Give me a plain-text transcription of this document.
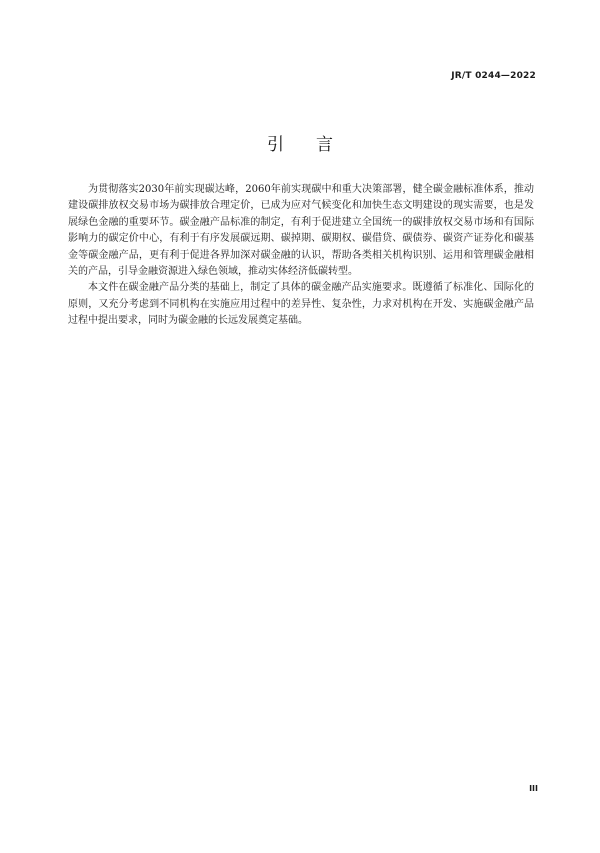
JR/T 0244—2022
引言

为贯彻落实2030年前实现碳达峰，2060年前实现碳中和重大决策部署，健全碳金融标准体系，推动建设碳排放权交易市场为碳排放合理定价，已成为应对气候变化和加快生态文明建设的现实需要，也是发展绿色金融的重要环节。碳金融产品标准的制定，有利于促进建立全国统一的碳排放权交易市场和有国际影响力的碳定价中心，有利于有序发展碳远期、碳掉期、碳期权、碳借贷、碳债券、碳资产证券化和碳基金等碳金融产品，更有利于促进各界加深对碳金融的认识，帮助各类相关机构识别、运用和管理碳金融相关的产品，引导金融资源进入绿色领域，推动实体经济低碳转型。

本文件在碳金融产品分类的基础上，制定了具体的碳金融产品实施要求。既遵循了标准化、国际化的原则，又充分考虑到不同机构在实施应用过程中的差异性、复杂性，力求对机构在开发、实施碳金融产品过程中提出要求，同时为碳金融的长远发展奠定基础。

III
